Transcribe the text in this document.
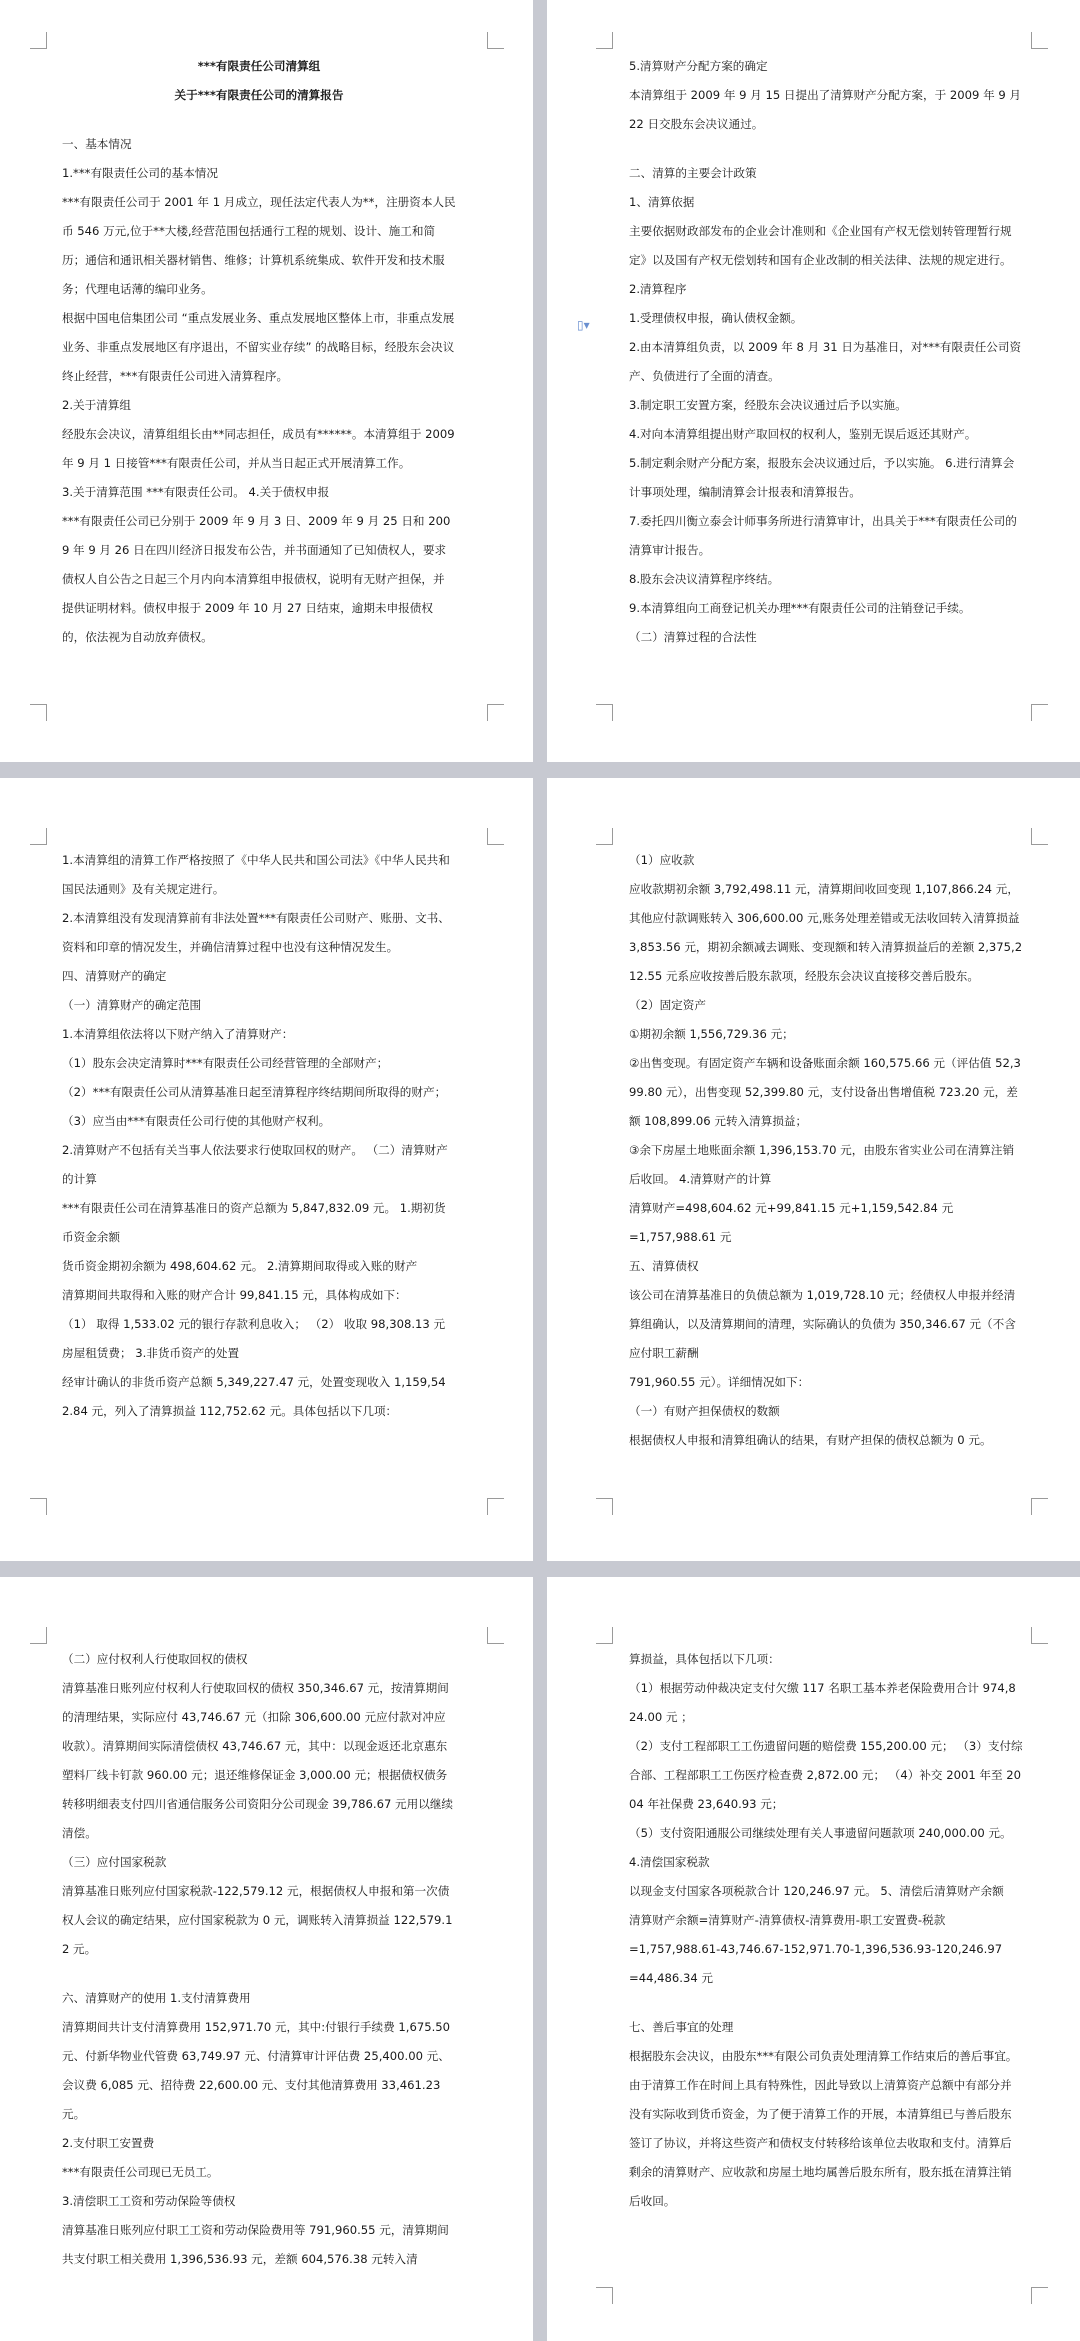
***有限责任公司清算组

关于***有限责任公司的清算报告

一、基本情况

1.***有限责任公司的基本情况

***有限责任公司于 2001 年 1 月成立，现任法定代表人为**，注册资本人民币 546 万元,位于**大楼,经营范围包括通行工程的规划、设计、施工和简历；通信和通讯相关器材销售、维修；计算机系统集成、软件开发和技术服务；代理电话薄的编印业务。

根据中国电信集团公司 “重点发展业务、重点发展地区整体上市，非重点发展业务、非重点发展地区有序退出，不留实业存续” 的战略目标，经股东会决议终止经营，***有限责任公司进入清算程序。

2.关于清算组

经股东会决议，清算组组长由**同志担任，成员有******。本清算组于 2009 年 9 月 1 日接管***有限责任公司，并从当日起正式开展清算工作。

3.关于清算范围 ***有限责任公司。 4.关于债权申报

***有限责任公司已分别于 2009 年 9 月 3 日、2009 年 9 月 25 日和 2009 年 9 月 26 日在四川经济日报发布公告，并书面通知了已知债权人，要求债权人自公告之日起三个月内向本清算组申报债权，说明有无财产担保，并提供证明材料。债权申报于 2009 年 10 月 27 日结束，逾期未申报债权的，依法视为自动放弃债权。

▯▾

5.清算财产分配方案的确定

本清算组于 2009 年 9 月 15 日提出了清算财产分配方案，于 2009 年 9 月 22 日交股东会决议通过。

二、清算的主要会计政策

1、清算依据

主要依据财政部发布的企业会计准则和《企业国有产权无偿划转管理暂行规定》以及国有产权无偿划转和国有企业改制的相关法律、法规的规定进行。

2.清算程序

1.受理债权申报，确认债权金额。

2.由本清算组负责，以 2009 年 8 月 31 日为基准日，对***有限责任公司资产、负债进行了全面的清查。

3.制定职工安置方案，经股东会决议通过后予以实施。

4.对向本清算组提出财产取回权的权利人，鉴别无误后返还其财产。

5.制定剩余财产分配方案，报股东会决议通过后，予以实施。 6.进行清算会计事项处理，编制清算会计报表和清算报告。

7.委托四川衡立泰会计师事务所进行清算审计，出具关于***有限责任公司的清算审计报告。

8.股东会决议清算程序终结。

9.本清算组向工商登记机关办理***有限责任公司的注销登记手续。

（二）清算过程的合法性

1.本清算组的清算工作严格按照了《中华人民共和国公司法》《中华人民共和国民法通则》及有关规定进行。

2.本清算组没有发现清算前有非法处置***有限责任公司财产、账册、文书、资料和印章的情况发生，并确信清算过程中也没有这种情况发生。

四、清算财产的确定

（一）清算财产的确定范围

1.本清算组依法将以下财产纳入了清算财产：

（1）股东会决定清算时***有限责任公司经营管理的全部财产；

（2）***有限责任公司从清算基准日起至清算程序终结期间所取得的财产； （3）应当由***有限责任公司行使的其他财产权利。

2.清算财产不包括有关当事人依法要求行使取回权的财产。 （二）清算财产的计算

***有限责任公司在清算基准日的资产总额为 5,847,832.09 元。 1.期初货币资金余额

货币资金期初余额为 498,604.62 元。 2.清算期间取得或入账的财产

清算期间共取得和入账的财产合计 99,841.15 元，具体构成如下：

（1） 取得 1,533.02 元的银行存款利息收入； （2） 收取 98,308.13 元房屋租赁费； 3.非货币资产的处置

经审计确认的非货币资产总额 5,349,227.47 元，处置变现收入 1,159,542.84 元，列入了清算损益 112,752.62 元。具体包括以下几项：

（1）应收款

应收款期初余额 3,792,498.11 元，清算期间收回变现 1,107,866.24 元，其他应付款调账转入 306,600.00 元,账务处理差错或无法收回转入清算损益 3,853.56 元，期初余额减去调账、变现额和转入清算损益后的差额 2,375,212.55 元系应收按善后股东款项，经股东会决议直接移交善后股东。

（2）固定资产

①期初余额 1,556,729.36 元；

②出售变现。有固定资产车辆和设备账面余额 160,575.66 元（评估值 52,399.80 元），出售变现 52,399.80 元，支付设备出售增值税 723.20 元，差额 108,899.06 元转入清算损益；

③余下房屋土地账面余额 1,396,153.70 元，由股东省实业公司在清算注销后收回。 4.清算财产的计算

清算财产=498,604.62 元+99,841.15 元+1,159,542.84 元

=1,757,988.61 元

五、清算债权

该公司在清算基准日的负债总额为 1,019,728.10 元；经债权人申报并经清算组确认，以及清算期间的清理，实际确认的负债为 350,346.67 元（不含应付职工薪酬

791,960.55 元）。详细情况如下：

（一）有财产担保债权的数额

根据债权人申报和清算组确认的结果，有财产担保的债权总额为 0 元。

（二）应付权利人行使取回权的债权

清算基准日账列应付权利人行使取回权的债权 350,346.67 元，按清算期间的清理结果，实际应付 43,746.67 元（扣除 306,600.00 元应付款对冲应收款）。清算期间实际清偿债权 43,746.67 元，其中：以现金返还北京惠东塑料厂线卡钉款 960.00 元；退还维修保证金 3,000.00 元；根据债权债务转移明细表支付四川省通信服务公司资阳分公司现金 39,786.67 元用以继续清偿。

（三）应付国家税款

清算基准日账列应付国家税款-122,579.12 元，根据债权人申报和第一次债权人会议的确定结果，应付国家税款为 0 元，调账转入清算损益 122,579.12 元。

六、清算财产的使用 1.支付清算费用

清算期间共计支付清算费用 152,971.70 元，其中:付银行手续费 1,675.50 元、付新华物业代管费 63,749.97 元、付清算审计评估费 25,400.00 元、会议费 6,085 元、招待费 22,600.00 元、支付其他清算费用 33,461.23 元。

2.支付职工安置费

***有限责任公司现已无员工。

3.清偿职工工资和劳动保险等债权

清算基准日账列应付职工工资和劳动保险费用等 791,960.55 元，清算期间共支付职工相关费用 1,396,536.93 元，差额 604,576.38 元转入清

算损益，具体包括以下几项：

（1）根据劳动仲裁决定支付欠缴 117 名职工基本养老保险费用合计 974,824.00 元 ；

（2）支付工程部职工工伤遗留问题的赔偿费 155,200.00 元； （3）支付综合部、工程部职工工伤医疗检查费 2,872.00 元； （4）补交 2001 年至 2004 年社保费 23,640.93 元；

（5）支付资阳通服公司继续处理有关人事遗留问题款项 240,000.00 元。

4.清偿国家税款

以现金支付国家各项税款合计 120,246.97 元。 5、清偿后清算财产余额

清算财产余额=清算财产-清算债权-清算费用-职工安置费-税款

=1,757,988.61-43,746.67-152,971.70-1,396,536.93-120,246.97

=44,486.34 元

七、善后事宜的处理

根据股东会决议，由股东***有限公司负责处理清算工作结束后的善后事宜。 由于清算工作在时间上具有特殊性，因此导致以上清算资产总额中有部分并没有实际收到货币资金，为了便于清算工作的开展，本清算组已与善后股东签订了协议，并将这些资产和债权支付转移给该单位去收取和支付。清算后剩余的清算财产、应收款和房屋土地均属善后股东所有，股东抵在清算注销后收回。
